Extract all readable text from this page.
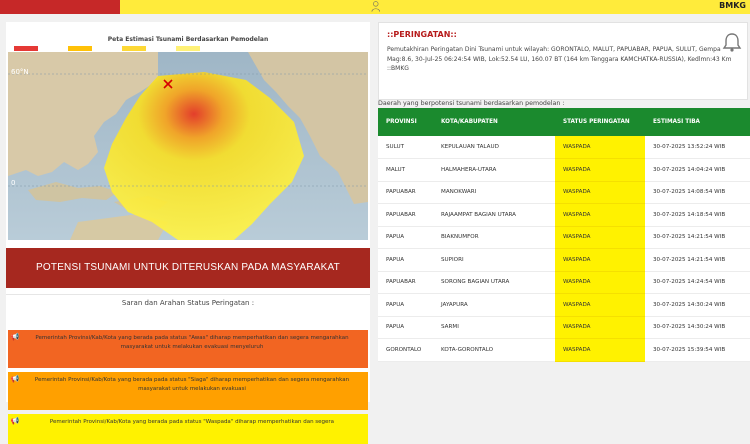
BMKG
Peta Estimasi Tsunami Berdasarkan Pemodelan
60°N
0
POTENSI TSUNAMI UNTUK DITERUSKAN PADA MASYARAKAT
Saran dan Arahan Status Peringatan :
📢	Pemerintah Provinsi/Kab/Kota yang berada pada status "Awas" diharap memperhatikan dan segera mengarahkan masyarakat untuk melakukan evakuasi menyeluruh
📢	Pemerintah Provinsi/Kab/Kota yang berada pada status "Siaga" diharap memperhatikan dan segera mengarahkan masyarakat untuk melakukan evakuasi
📢	Pemerintah Provinsi/Kab/Kota yang berada pada status "Waspada" diharap memperhatikan dan segera
::PERINGATAN::
Pemutakhiran Peringatan Dini Tsunami untuk wilayah: GORONTALO, MALUT, PAPUABAR, PAPUA, SULUT, Gempa Mag:8.6, 30-Jul-25 06:24:54 WIB, Lok:52.54 LU, 160.07 BT (164 km Tenggara KAMCHATKA-RUSSIA), Kedlmn:43 Km ::BMKG
Daerah yang berpotensi tsunami berdasarkan pemodelan :
PROVINSI	KOTA/KABUPATEN	STATUS PERINGATAN	ESTIMASI TIBA
SULUT	KEPULAUAN TALAUD	WASPADA	30-07-2025 13:52:24 WIB
MALUT	HALMAHERA-UTARA	WASPADA	30-07-2025 14:04:24 WIB
PAPUABAR	MANOKWARI	WASPADA	30-07-2025 14:08:54 WIB
PAPUABAR	RAJAAMPAT BAGIAN UTARA	WASPADA	30-07-2025 14:18:54 WIB
PAPUA	BIAKNUMFOR	WASPADA	30-07-2025 14:21:54 WIB
PAPUA	SUPIORI	WASPADA	30-07-2025 14:21:54 WIB
PAPUABAR	SORONG BAGIAN UTARA	WASPADA	30-07-2025 14:24:54 WIB
PAPUA	JAYAPURA	WASPADA	30-07-2025 14:30:24 WIB
PAPUA	SARMI	WASPADA	30-07-2025 14:30:24 WIB
GORONTALO	KOTA-GORONTALO	WASPADA	30-07-2025 15:39:54 WIB
